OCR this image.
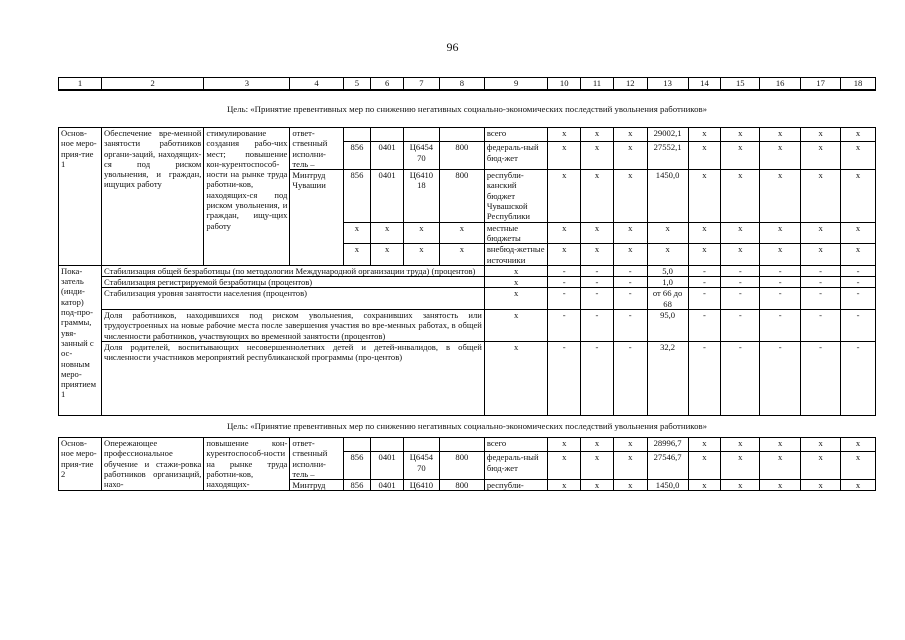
96
1	2	3	4	5	6	7	8	9	10	11	12	13	14	15	16	17	18
Цель: «Принятие превентивных мер по снижению негативных социально-экономических последствий увольнения работников»																	
Основ-ное меро-прия-тие 1	Обеспечение вре-менной занятости работников органи-заций, находящих-ся под риском увольнения, и граждан, ищущих работу	стимулирование создания рабо-чих мест; повышение кон-курентоспособ-ности на рынке труда работни-ков, находящих-ся под риском увольнения, и граждан, ищу-щих работу	ответ-ственный исполни-тель –					всего	х	х	х	29002,1	х	х	х	х	х
				856	0401	Ц6454 70	800	федераль-ный бюд-жет	х	х	х	27552,1	х	х	х	х	х
			Минтруд Чувашии	856	0401	Ц6410 18	800	республи-канский бюджет Чувашской Республики	х	х	х	1450,0	х	х	х	х	х
				х	х	х	х	местные бюджеты	х	х	х	х	х	х	х	х	х
				х	х	х	х	внебюд-жетные источники	х	х	х	х	х	х	х	х	х
Пока-затель (инди-катор) под-про-граммы, увя-занный с ос-новным меро-приятием 1	Стабилизация общей безработицы (по методологии Международной организации труда) (процентов)							х	-	-	-	5,0	-	-	-	-	-
	Стабилизация регистрируемой безработицы (процентов)							х	-	-	-	1,0	-	-	-	-	-
	Стабилизация уровня занятости населения (процентов)							х	-	-	-	от 66 до 68	-	-	-	-	-
	Доля работников, находившихся под риском увольнения, сохранивших занятость или трудоустроенных на новые рабочие места после завершения участия во вре-менных работах, в общей численности работников, участвующих во временной занятости (процентов)							х	-	-	-	95,0	-	-	-	-	-
	Доля родителей, воспитывающих несовершеннолетних детей и детей-инвалидов, в общей численности участников мероприятий республиканской программы (про-центов)							х	-	-	-	32,2	-	-	-	-	-
Цель: «Принятие превентивных мер по снижению негативных социально-экономических последствий увольнения работников»																	
Основ-ное меро-прия-тие 2	Опережающее профессиональное обучение и стажи-ровка работников организаций, нахо-	повышение кон-курентоспособ-ности на рынке труда работни-ков, находящих-	ответ-ственный исполни-тель –					всего	х	х	х	28996,7	х	х	х	х	х
				856	0401	Ц6454 70	800	федераль-ный бюд-жет	х	х	х	27546,7	х	х	х	х	х
			Минтруд	856	0401	Ц6410	800	республи-	х	х	х	1450,0	х	х	х	х	х
